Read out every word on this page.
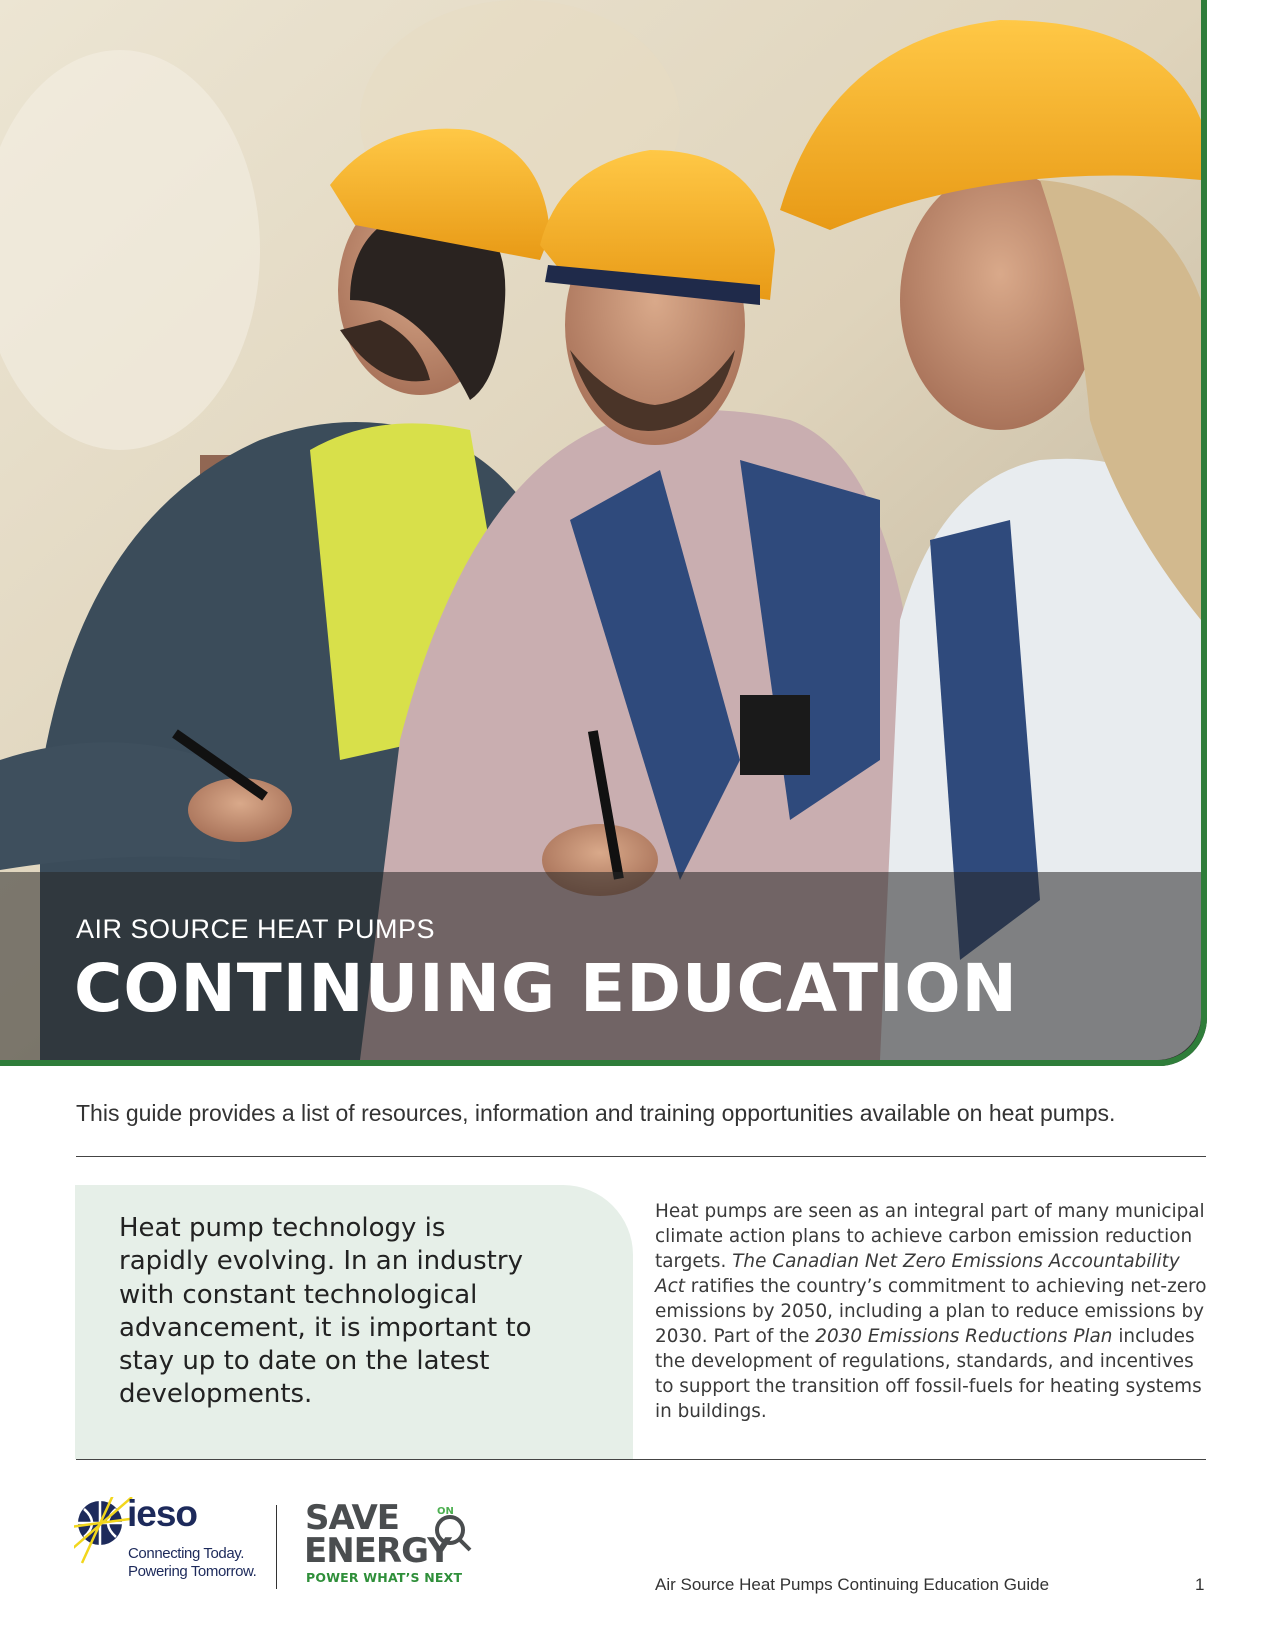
AIR SOURCE HEAT PUMPS
CONTINUING EDUCATION
This guide provides a list of resources, information and training opportunities available on heat pumps.
Heat pump technology is rapidly evolving. In an industry with constant technological advancement, it is important to stay up to date on the latest developments.
Heat pumps are seen as an integral part of many municipal climate action plans to achieve carbon emission reduction targets. The Canadian Net Zero Emissions Accountability Act ratifies the country’s commitment to achieving net-zero emissions by 2050, including a plan to reduce emissions by 2030. Part of the 2030 Emissions Reductions Plan includes the development of regulations, standards, and incentives to support the transition off fossil-fuels for heating systems in buildings.
ieso
Connecting Today.
Powering Tomorrow.
SAVE	ON
ENERGY
POWER WHAT’S NEXT	Air Source Heat Pumps Continuing Education Guide	1
